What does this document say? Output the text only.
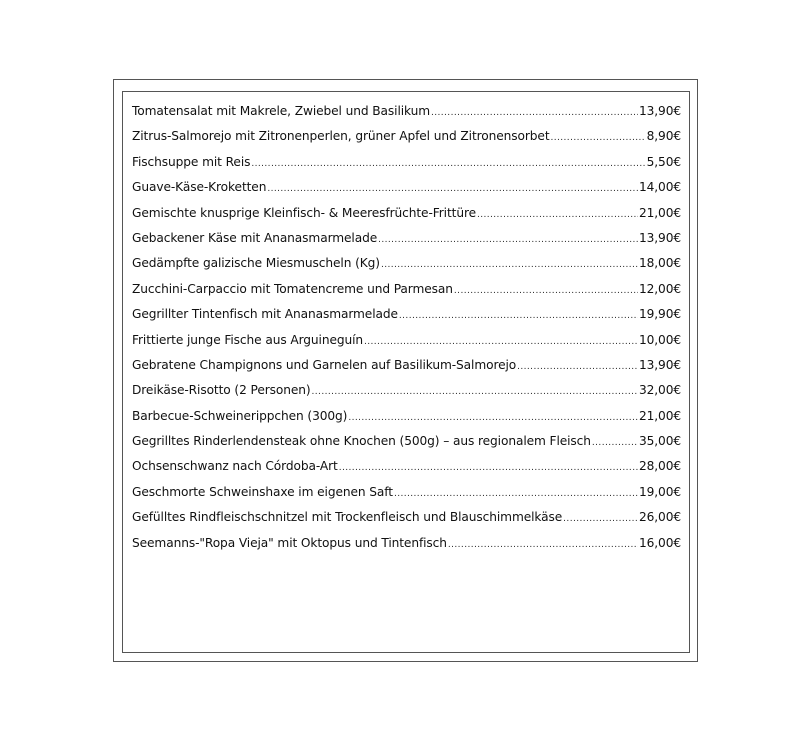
Tomatensalat mit Makrele, Zwiebel und Basilikum .....	13,90€
Zitrus-Salmorejo mit Zitronenperlen, grüner Apfel und Zitronensorbet .....	8,90€
Fischsuppe mit Reis .....	5,50€
Guave-Käse-Kroketten .....	14,00€
Gemischte knusprige Kleinfisch- & Meeresfrüchte-Frittüre .....	21,00€
Gebackener Käse mit Ananasmarmelade .....	13,90€
Gedämpfte galizische Miesmuscheln (Kg) .....	18,00€
Zucchini-Carpaccio mit Tomatencreme und Parmesan .....	12,00€
Gegrillter Tintenfisch mit Ananasmarmelade .....	19,90€
Frittierte junge Fische aus Arguineguín .....	10,00€
Gebratene Champignons und Garnelen auf Basilikum-Salmorejo .....	13,90€
Dreikäse-Risotto (2 Personen) .....	32,00€
Barbecue-Schweinerippchen (300g) .....	21,00€
Gegrilltes Rinderlendensteak ohne Knochen (500g) – aus regionalem Fleisch .....	35,00€
Ochsenschwanz nach Córdoba-Art .....	28,00€
Geschmorte Schweinshaxe im eigenen Saft .....	19,00€
Gefülltes Rindfleischschnitzel mit Trockenfleisch und Blauschimmelkäse .....	26,00€
Seemanns-"Ropa Vieja" mit Oktopus und Tintenfisch .....	16,00€
